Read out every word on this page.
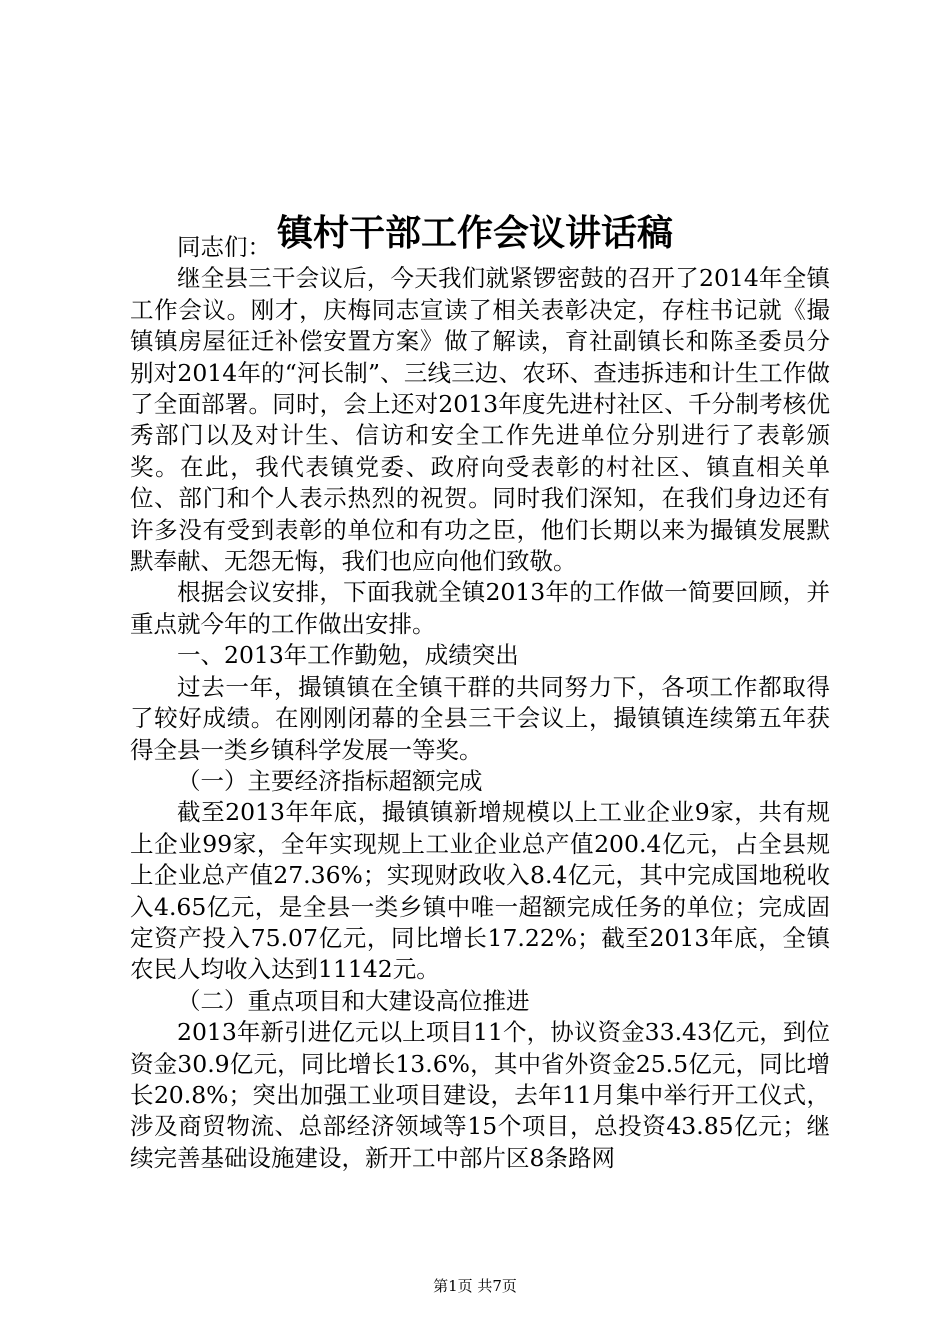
镇村干部工作会议讲话稿

同志们：

继全县三干会议后，今天我们就紧锣密鼓的召开了2014年全镇工作会议。刚才，庆梅同志宣读了相关表彰决定，存柱书记就《撮镇镇房屋征迁补偿安置方案》做了解读，育社副镇长和陈圣委员分别对2014年的“河长制”、三线三边、农环、查违拆违和计生工作做了全面部署。同时，会上还对2013年度先进村社区、千分制考核优秀部门以及对计生、信访和安全工作先进单位分别进行了表彰颁奖。在此，我代表镇党委、政府向受表彰的村社区、镇直相关单位、部门和个人表示热烈的祝贺。同时我们深知，在我们身边还有许多没有受到表彰的单位和有功之臣，他们长期以来为撮镇发展默默奉献、无怨无悔，我们也应向他们致敬。

根据会议安排，下面我就全镇2013年的工作做一简要回顾，并重点就今年的工作做出安排。

一、2013年工作勤勉，成绩突出

过去一年，撮镇镇在全镇干群的共同努力下，各项工作都取得了较好成绩。在刚刚闭幕的全县三干会议上，撮镇镇连续第五年获得全县一类乡镇科学发展一等奖。

（一）主要经济指标超额完成

截至2013年年底，撮镇镇新增规模以上工业企业9家，共有规上企业99家，全年实现规上工业企业总产值200.4亿元，占全县规上企业总产值27.36%；实现财政收入8.4亿元，其中完成国地税收入4.65亿元，是全县一类乡镇中唯一超额完成任务的单位；完成固定资产投入75.07亿元，同比增长17.22%；截至2013年底，全镇农民人均收入达到11142元。

（二）重点项目和大建设高位推进

2013年新引进亿元以上项目11个，协议资金33.43亿元，到位资金30.9亿元，同比增长13.6%，其中省外资金25.5亿元，同比增长20.8%；突出加强工业项目建设，去年11月集中举行开工仪式，涉及商贸物流、总部经济领域等15个项目，总投资43.85亿元；继续完善基础设施建设，新开工中部片区8条路网

第1页 共7页
